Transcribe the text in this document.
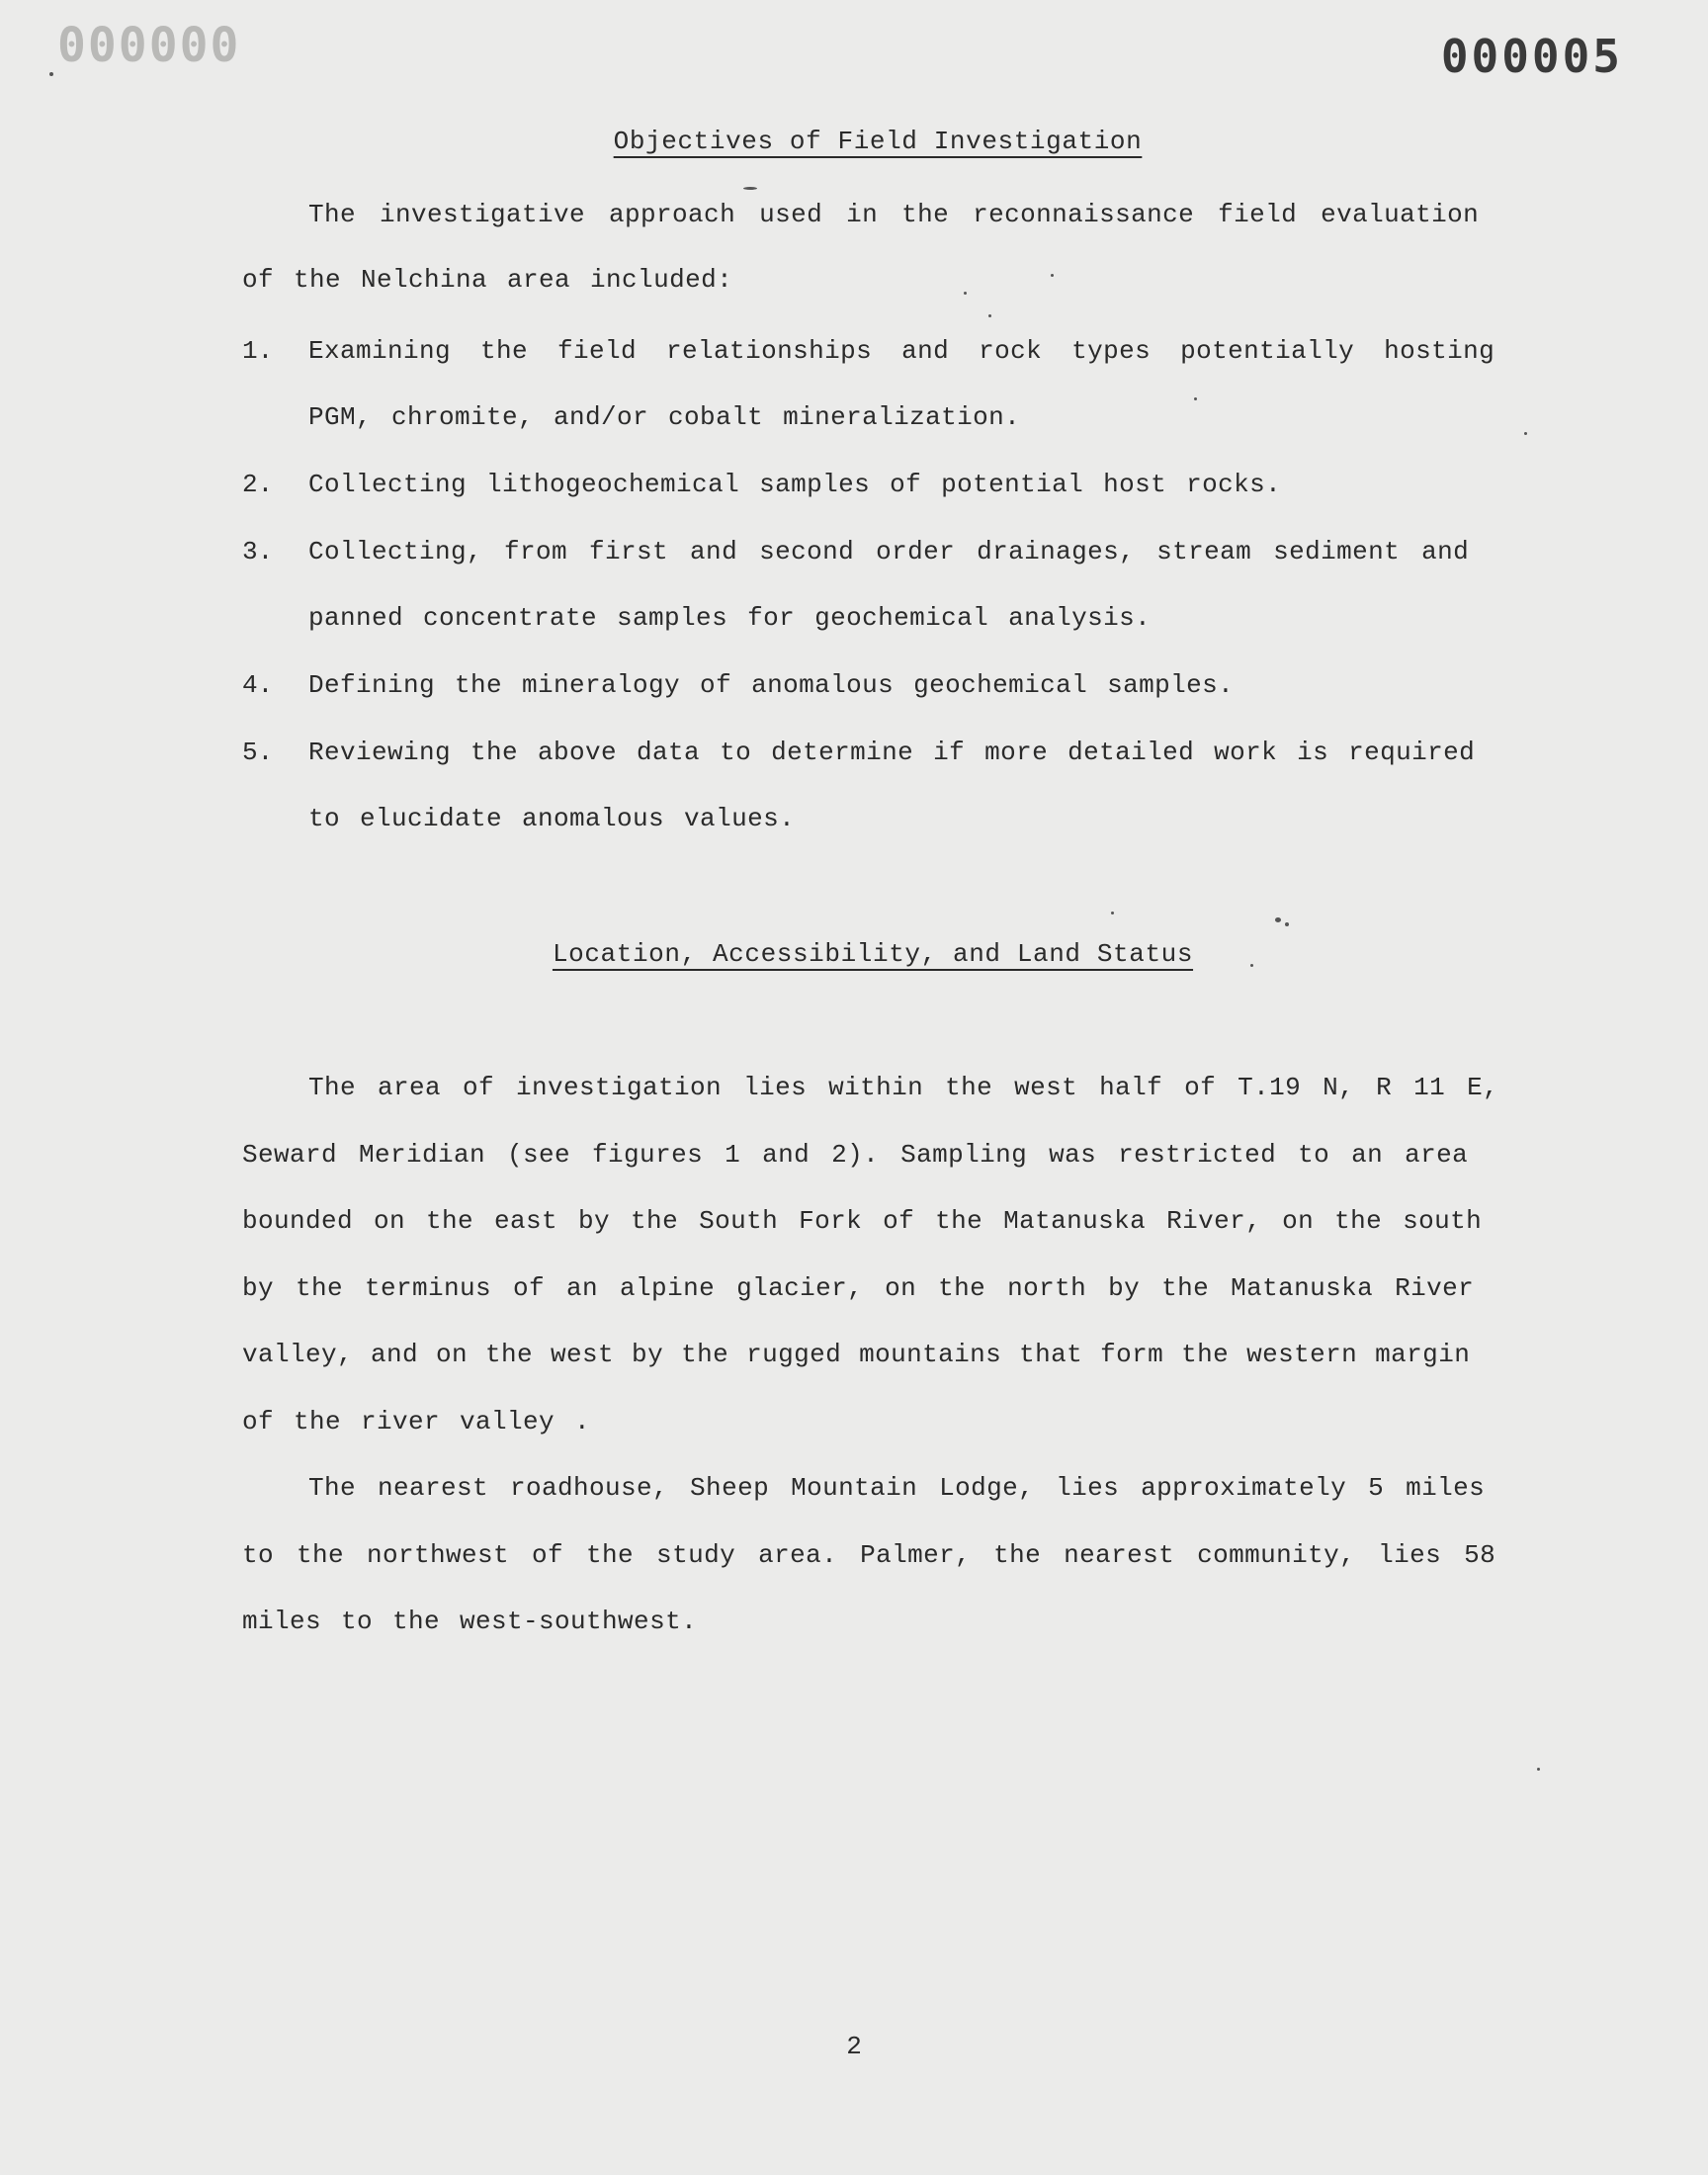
000000	000005
Objectives of Field Investigation
The investigative approach used in the reconnaissance field evaluation
of the Nelchina area included:
1. Examining the field relationships and rock types potentially hosting
PGM, chromite, and/or cobalt mineralization.
2. Collecting lithogeochemical samples of potential host rocks.
3. Collecting, from first and second order drainages, stream sediment and
panned concentrate samples for geochemical analysis.
4. Defining the mineralogy of anomalous geochemical samples.
5. Reviewing the above data to determine if more detailed work is required
to elucidate anomalous values.
Location, Accessibility, and Land Status
The area of investigation lies within the west half of T.19 N, R 11 E,
Seward Meridian (see figures 1 and 2). Sampling was restricted to an area
bounded on the east by the South Fork of the Matanuska River, on the south
by the terminus of an alpine glacier, on the north by the Matanuska River
valley, and on the west by the rugged mountains that form the western margin
of the river valley .
The nearest roadhouse, Sheep Mountain Lodge, lies approximately 5 miles
to the northwest of the study area. Palmer, the nearest community, lies 58
miles to the west-southwest.
2
